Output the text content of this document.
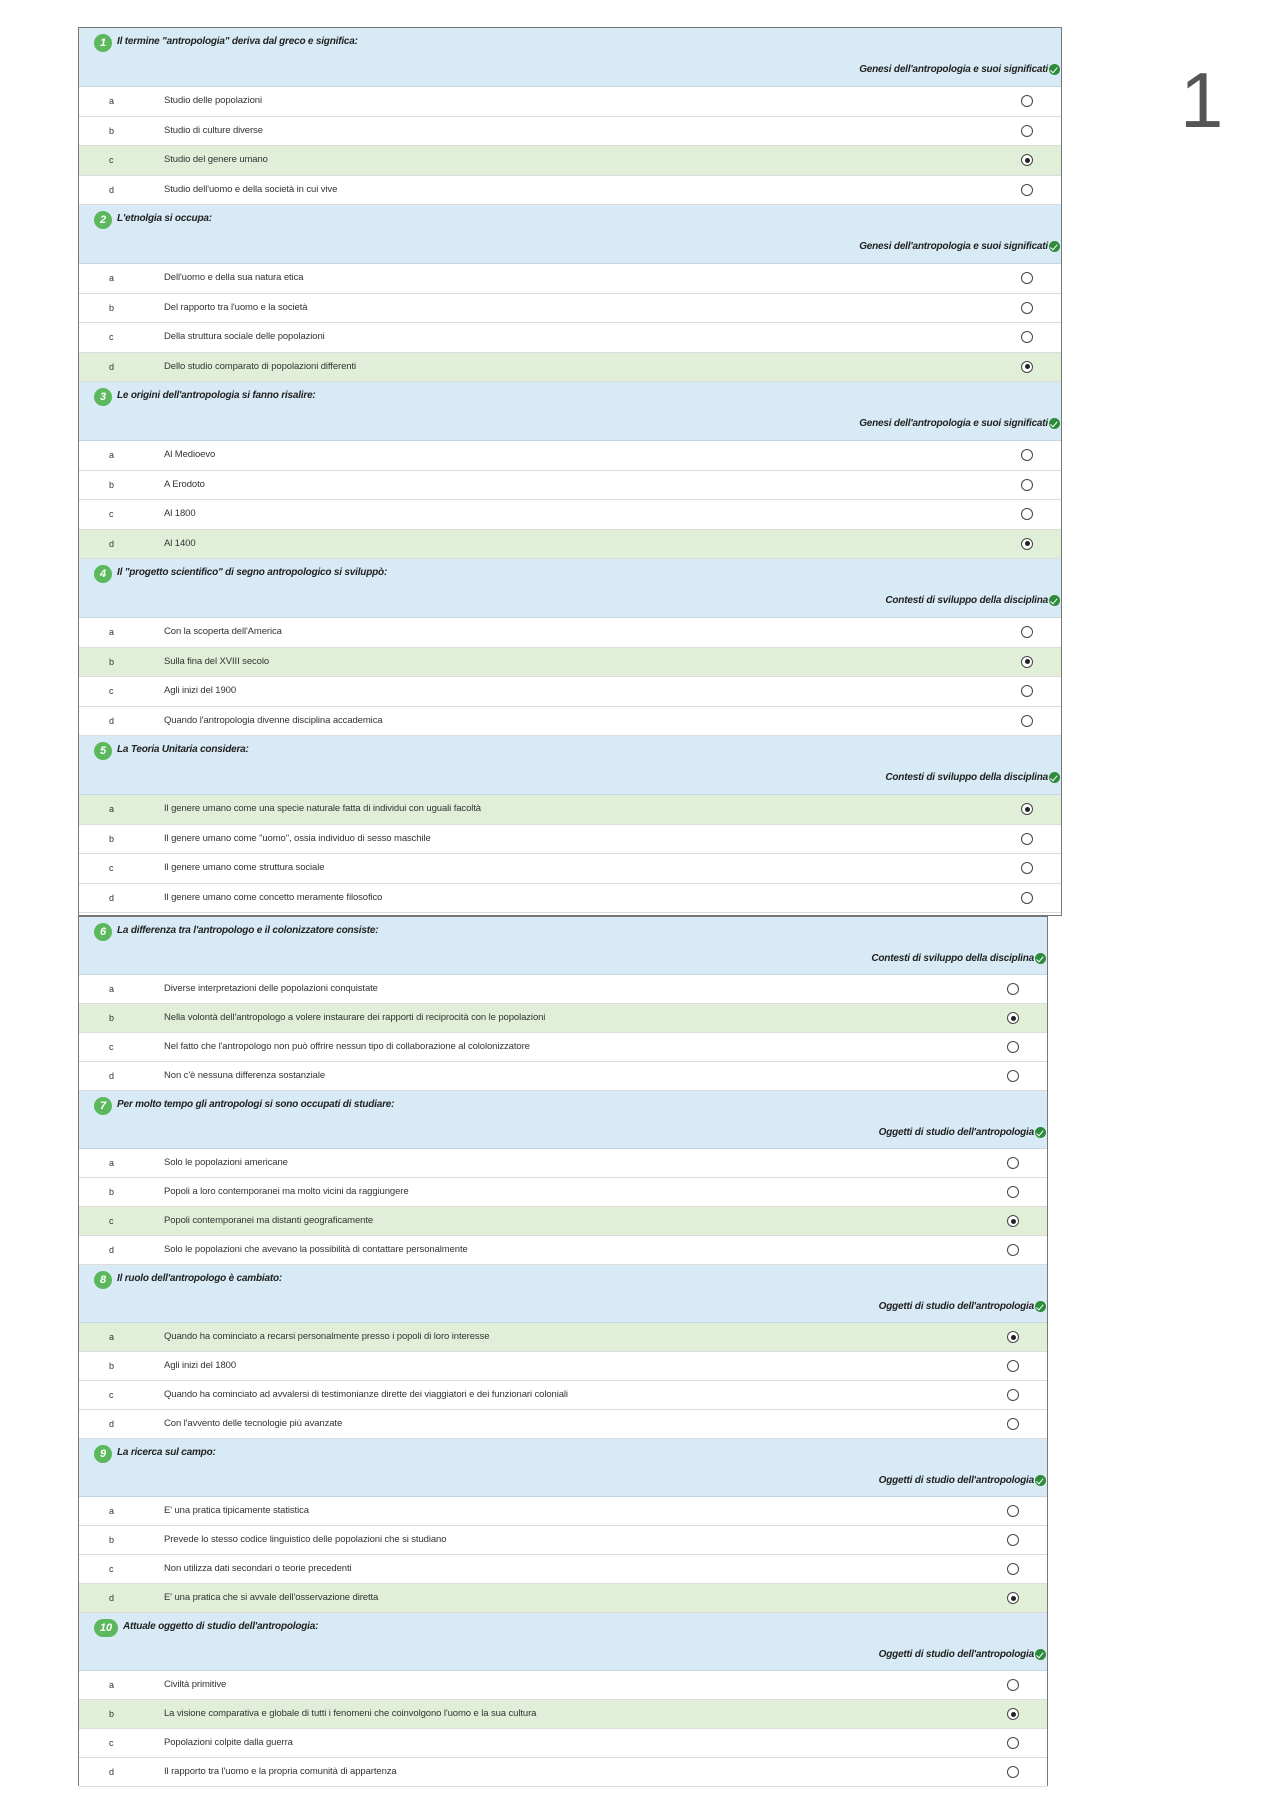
1
1	Il termine "antropologia" deriva dal greco e significa:
Genesi dell'antropologia e suoi significati
a	Studio delle popolazioni
b	Studio di culture diverse
c	Studio del genere umano
d	Studio dell'uomo e della società in cui vive
2	L'etnolgia si occupa:
Genesi dell'antropologia e suoi significati
a	Dell'uomo e della sua natura etica
b	Del rapporto tra l'uomo e la società
c	Della struttura sociale delle popolazioni
d	Dello studio comparato di popolazioni differenti
3	Le origini dell'antropologia si fanno risalire:
Genesi dell'antropologia e suoi significati
a	Al Medioevo
b	A Erodoto
c	Al 1800
d	Al 1400
4	Il "progetto scientifico" di segno antropologico si sviluppò:
Contesti di sviluppo della disciplina
a	Con la scoperta dell'America
b	Sulla fina del XVIII secolo
c	Agli inizi del 1900
d	Quando l'antropologia divenne disciplina accademica
5	La Teoria Unitaria considera:
Contesti di sviluppo della disciplina
a	Il genere umano come una specie naturale fatta di individui con uguali facoltà
b	Il genere umano come "uomo", ossia individuo di sesso maschile
c	Il genere umano come struttura sociale
d	Il genere umano come concetto meramente filosofico
6	La differenza tra l'antropologo e il colonizzatore consiste:
Contesti di sviluppo della disciplina
a	Diverse interpretazioni delle popolazioni conquistate
b	Nella volontà dell'antropologo a volere instaurare dei rapporti di reciprocità con le popolazioni
c	Nel fatto che l'antropologo non può offrire nessun tipo di collaborazione al cololonizzatore
d	Non c'è nessuna differenza sostanziale
7	Per molto tempo gli antropologi si sono occupati di studiare:
Oggetti di studio dell'antropologia
a	Solo le popolazioni americane
b	Popoli a loro contemporanei ma molto vicini da raggiungere
c	Popoli contemporanei ma distanti geograficamente
d	Solo le popolazioni che avevano la possibilità di contattare personalmente
8	Il ruolo dell'antropologo è cambiato:
Oggetti di studio dell'antropologia
a	Quando ha cominciato a recarsi personalmente presso i popoli di loro interesse
b	Agli inizi del 1800
c	Quando ha cominciato ad avvalersi di testimonianze dirette dei viaggiatori e dei funzionari coloniali
d	Con l'avvento delle tecnologie più avanzate
9	La ricerca sul campo:
Oggetti di studio dell'antropologia
a	E' una pratica tipicamente statistica
b	Prevede lo stesso codice linguistico delle popolazioni che si studiano
c	Non utilizza dati secondari o teorie precedenti
d	E' una pratica che si avvale dell'osservazione diretta
10	Attuale oggetto di studio dell'antropologia:
Oggetti di studio dell'antropologia
a	Civiltà primitive
b	La visione comparativa e globale di tutti i fenomeni che coinvolgono l'uomo e la sua cultura
c	Popolazioni colpite dalla guerra
d	Il rapporto tra l'uomo e la propria comunità di appartenza
